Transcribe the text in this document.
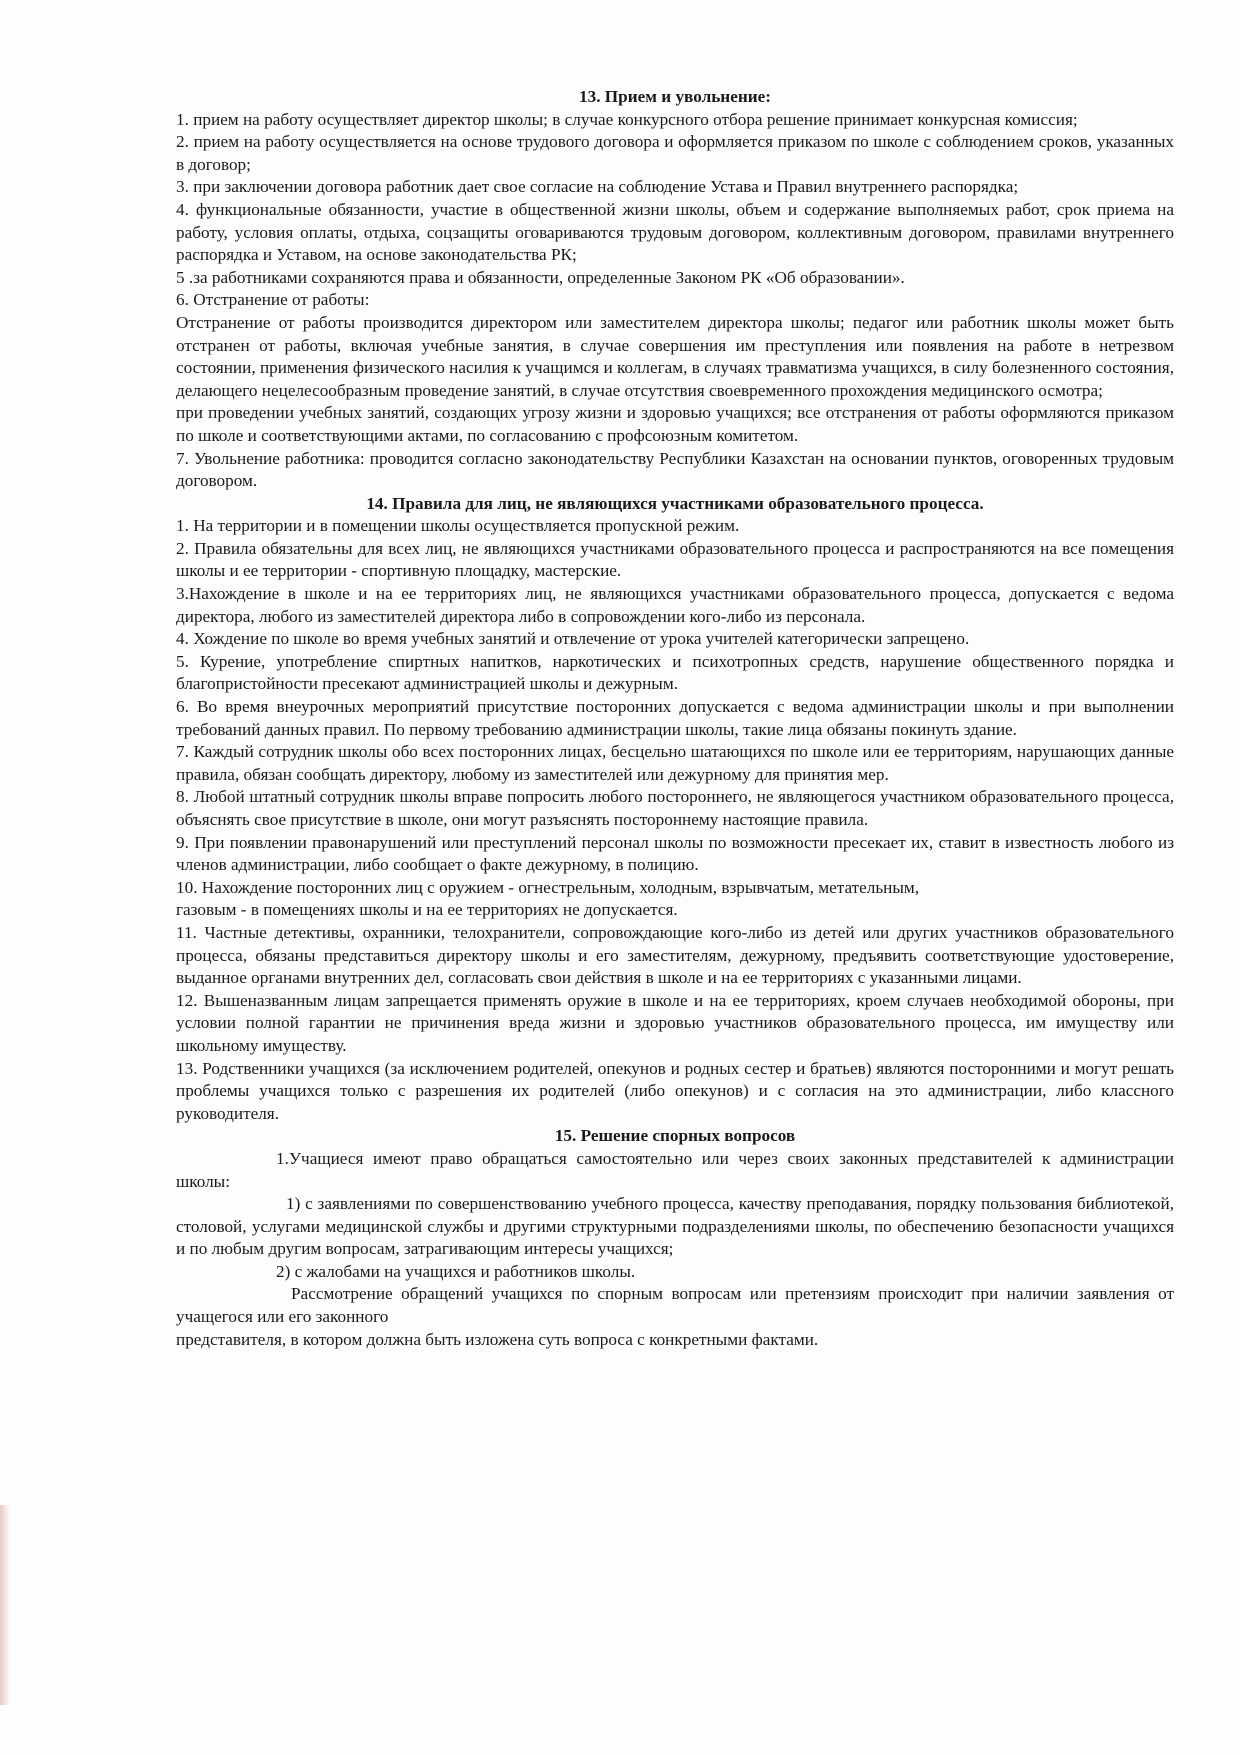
13. Прием и увольнение:

1. прием на работу осуществляет директор школы; в случае конкурсного отбора решение принимает конкурсная комиссия;

2. прием на работу осуществляется на основе трудового договора и оформляется приказом по школе с соблюдением сроков, указанных в договор;

3. при заключении договора работник дает свое согласие на соблюдение Устава и Правил внутреннего распорядка;

4. функциональные обязанности, участие в общественной жизни школы, объем и содержание выполняемых работ, срок приема на работу, условия оплаты, отдыха, соцзащиты оговариваются трудовым договором, коллективным договором, правилами внутреннего распорядка и Уставом, на основе законодательства РК;

5 .за работниками сохраняются права и обязанности, определенные Законом РК «Об образовании».

6. Отстранение от работы:

Отстранение от работы производится директором или заместителем директора школы; педагог или работник школы может быть отстранен от работы, включая учебные занятия, в случае совершения им преступления или появления на работе в нетрезвом состоянии, применения физического насилия к учащимся и коллегам, в случаях травматизма учащихся, в силу болезненного состояния, делающего нецелесообразным проведение занятий, в случае отсутствия своевременного прохождения медицинского осмотра;

при проведении учебных занятий, создающих угрозу жизни и здоровью учащихся; все отстранения от работы оформляются приказом по школе и соответствующими актами, по согласованию с профсоюзным комитетом.

7. Увольнение работника: проводится согласно законодательству Республики Казахстан на основании пунктов, оговоренных трудовым договором.

14. Правила для лиц, не являющихся участниками образовательного процесса.

1. На территории и в помещении школы осуществляется пропускной режим.

2. Правила обязательны для всех лиц, не являющихся участниками образовательного процесса и распространяются на все помещения школы и ее территории - спортивную площадку, мастерские.

3.Нахождение в школе и на ее территориях лиц, не являющихся участниками образовательного процесса, допускается с ведома директора, любого из заместителей директора либо в сопровождении кого-либо из персонала.

4. Хождение по школе во время учебных занятий и отвлечение от урока учителей категорически запрещено.

5. Курение, употребление спиртных напитков, наркотических и психотропных средств, нарушение общественного порядка и благопристойности пресекают администрацией школы и дежурным.

6. Во время внеурочных мероприятий присутствие посторонних допускается с ведома администрации школы и при выполнении требований данных правил. По первому требованию администрации школы, такие лица обязаны покинуть здание.

7. Каждый сотрудник школы обо всех посторонних лицах, бесцельно шатающихся по школе или ее территориям, нарушающих данные правила, обязан сообщать директору, любому из заместителей или дежурному для принятия мер.

8. Любой штатный сотрудник школы вправе попросить любого постороннего, не являющегося участником образовательного процесса, объяснять свое присутствие в школе, они могут разъяснять постороннему настоящие правила.

9. При появлении правонарушений или преступлений персонал школы по возможности пресекает их, ставит в известность любого из членов администрации, либо сообщает о факте дежурному, в полицию.

10. Нахождение посторонних лиц с оружием - огнестрельным, холодным, взрывчатым, метательным,

газовым - в помещениях школы и на ее территориях не допускается.

11. Частные детективы, охранники, телохранители, сопровождающие кого-либо из детей или других участников образовательного процесса, обязаны представиться директору школы и его заместителям, дежурному, предъявить соответствующие удостоверение, выданное органами внутренних дел, согласовать свои действия в школе и на ее территориях с указанными лицами.

12. Вышеназванным лицам запрещается применять оружие в школе и на ее территориях, кроем случаев необходимой обороны, при условии полной гарантии не причинения вреда жизни и здоровью участников образовательного процесса, им имуществу или школьному имуществу.

13. Родственники учащихся (за исключением родителей, опекунов и родных сестер и братьев) являются посторонними и могут решать проблемы учащихся только с разрешения их родителей (либо опекунов) и с согласия на это администрации, либо классного руководителя.

15. Решение спорных вопросов

1.Учащиеся имеют право обращаться самостоятельно или через своих законных представителей к администрации школы:

1) с заявлениями по совершенствованию учебного процесса, качеству преподавания, порядку пользования библиотекой, столовой, услугами медицинской службы и другими структурными подразделениями школы, по обеспечению безопасности учащихся и по любым другим вопросам, затрагивающим интересы учащихся;

2) с жалобами на учащихся и работников школы.

Рассмотрение обращений учащихся по спорным вопросам или претензиям происходит при наличии заявления от учащегося или его законного

представителя, в котором должна быть изложена суть вопроса с конкретными фактами.
